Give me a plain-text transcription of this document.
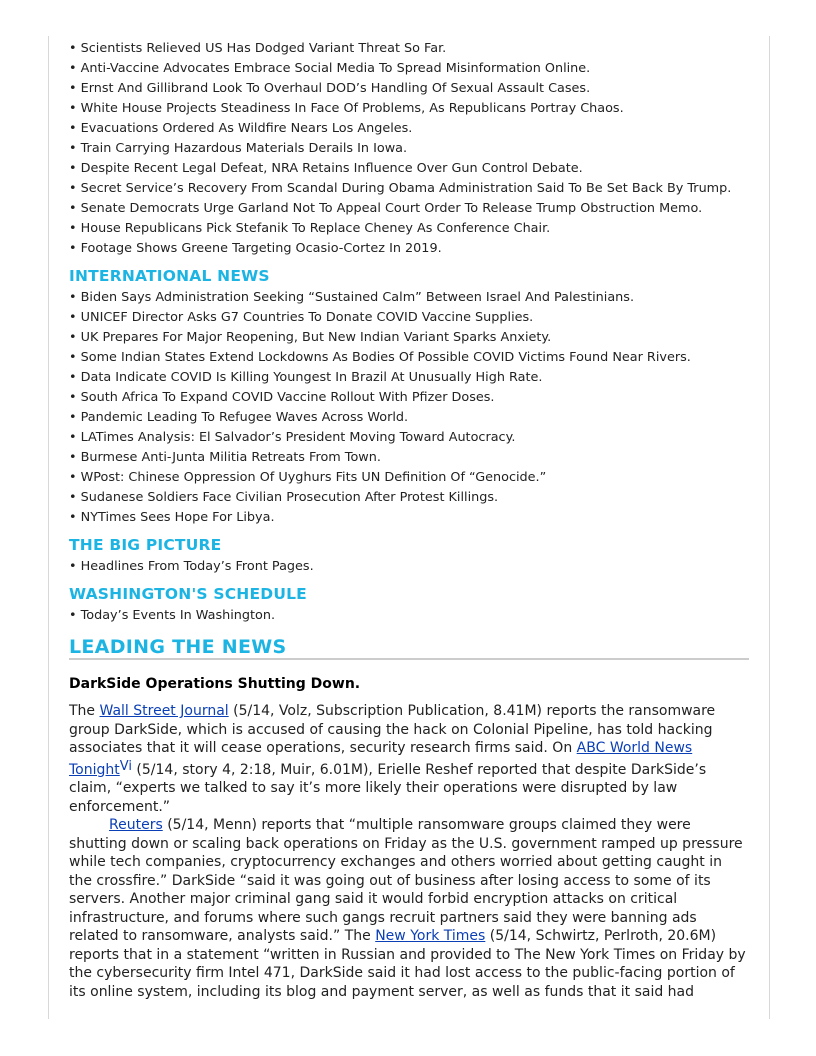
• Scientists Relieved US Has Dodged Variant Threat So Far.
• Anti-Vaccine Advocates Embrace Social Media To Spread Misinformation Online.
• Ernst And Gillibrand Look To Overhaul DOD’s Handling Of Sexual Assault Cases.
• White House Projects Steadiness In Face Of Problems, As Republicans Portray Chaos.
• Evacuations Ordered As Wildfire Nears Los Angeles.
• Train Carrying Hazardous Materials Derails In Iowa.
• Despite Recent Legal Defeat, NRA Retains Influence Over Gun Control Debate.
• Secret Service’s Recovery From Scandal During Obama Administration Said To Be Set Back By Trump.
• Senate Democrats Urge Garland Not To Appeal Court Order To Release Trump Obstruction Memo.
• House Republicans Pick Stefanik To Replace Cheney As Conference Chair.
• Footage Shows Greene Targeting Ocasio-Cortez In 2019.
INTERNATIONAL NEWS
• Biden Says Administration Seeking “Sustained Calm” Between Israel And Palestinians.
• UNICEF Director Asks G7 Countries To Donate COVID Vaccine Supplies.
• UK Prepares For Major Reopening, But New Indian Variant Sparks Anxiety.
• Some Indian States Extend Lockdowns As Bodies Of Possible COVID Victims Found Near Rivers.
• Data Indicate COVID Is Killing Youngest In Brazil At Unusually High Rate.
• South Africa To Expand COVID Vaccine Rollout With Pfizer Doses.
• Pandemic Leading To Refugee Waves Across World.
• LATimes Analysis: El Salvador’s President Moving Toward Autocracy.
• Burmese Anti-Junta Militia Retreats From Town.
• WPost: Chinese Oppression Of Uyghurs Fits UN Definition Of “Genocide.”
• Sudanese Soldiers Face Civilian Prosecution After Protest Killings.
• NYTimes Sees Hope For Libya.
THE BIG PICTURE
• Headlines From Today’s Front Pages.
WASHINGTON'S SCHEDULE
• Today’s Events In Washington.
LEADING THE NEWS
DarkSide Operations Shutting Down.

The Wall Street Journal (5/14, Volz, Subscription Publication, 8.41M) reports the ransomware group DarkSide, which is accused of causing the hack on Colonial Pipeline, has told hacking associates that it will cease operations, security research firms said. On ABC World News TonightVi (5/14, story 4, 2:18, Muir, 6.01M), Erielle Reshef reported that despite DarkSide’s claim, “experts we talked to say it’s more likely their operations were disrupted by law enforcement.”

Reuters (5/14, Menn) reports that “multiple ransomware groups claimed they were shutting down or scaling back operations on Friday as the U.S. government ramped up pressure while tech companies, cryptocurrency exchanges and others worried about getting caught in the crossfire.” DarkSide “said it was going out of business after losing access to some of its servers. Another major criminal gang said it would forbid encryption attacks on critical infrastructure, and forums where such gangs recruit partners said they were banning ads related to ransomware, analysts said.” The New York Times (5/14, Schwirtz, Perlroth, 20.6M) reports that in a statement “written in Russian and provided to The New York Times on Friday by the cybersecurity firm Intel 471, DarkSide said it had lost access to the public-facing portion of its online system, including its blog and payment server, as well as funds that it said had
